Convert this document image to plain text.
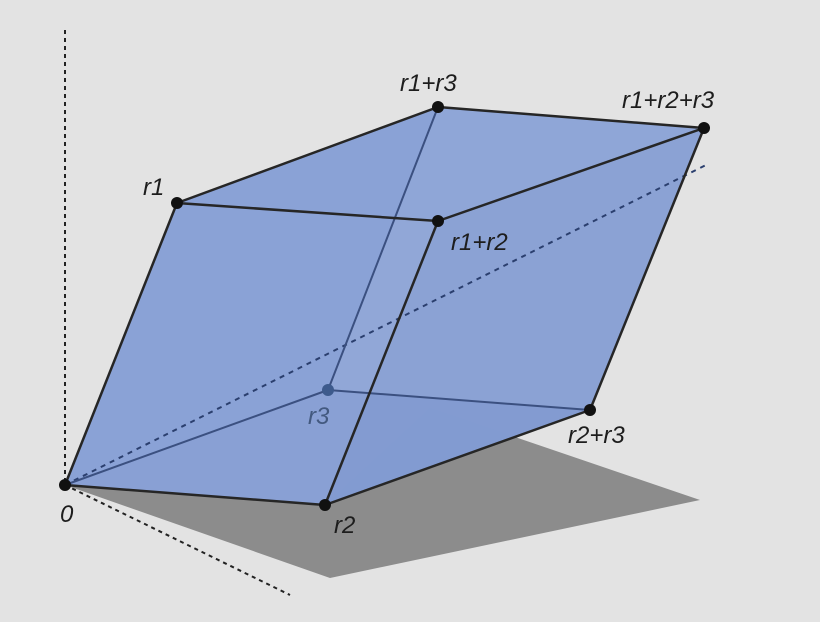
0
r1
r2
r3
r1+r2
r1+r3
r2+r3
r1+r2+r3
